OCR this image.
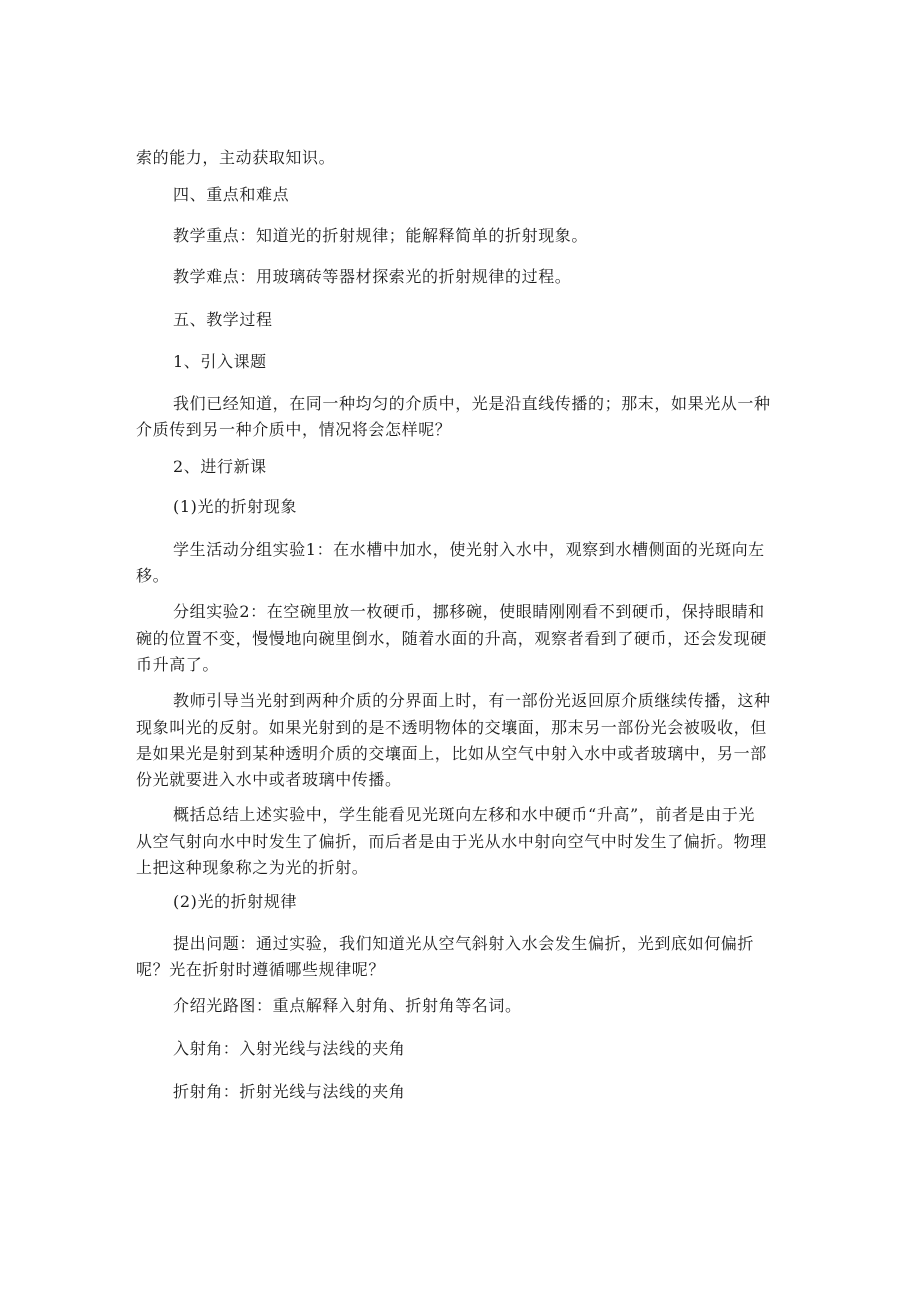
索的能力，主动获取知识。
四、重点和难点
教学重点：知道光的折射规律；能解释简单的折射现象。
教学难点：用玻璃砖等器材探索光的折射规律的过程。
五、教学过程
1、引入课题
我们已经知道，在同一种均匀的介质中，光是沿直线传播的；那末，如果光从一种
介质传到另一种介质中，情况将会怎样呢？
2、进行新课
(1)光的折射现象
学生活动分组实验1：在水槽中加水，使光射入水中，观察到水槽侧面的光斑向左
移。
分组实验2：在空碗里放一枚硬币，挪移碗，使眼睛刚刚看不到硬币，保持眼睛和
碗的位置不变，慢慢地向碗里倒水，随着水面的升高，观察者看到了硬币，还会发现硬
币升高了。
教师引导当光射到两种介质的分界面上时，有一部份光返回原介质继续传播，这种
现象叫光的反射。如果光射到的是不透明物体的交壤面，那末另一部份光会被吸收，但
是如果光是射到某种透明介质的交壤面上，比如从空气中射入水中或者玻璃中，另一部
份光就要进入水中或者玻璃中传播。
概括总结上述实验中，学生能看见光斑向左移和水中硬币“升高”，前者是由于光
从空气射向水中时发生了偏折，而后者是由于光从水中射向空气中时发生了偏折。物理
上把这种现象称之为光的折射。
(2)光的折射规律
提出问题：通过实验，我们知道光从空气斜射入水会发生偏折，光到底如何偏折
呢？光在折射时遵循哪些规律呢？
介绍光路图：重点解释入射角、折射角等名词。
入射角：入射光线与法线的夹角
折射角：折射光线与法线的夹角
